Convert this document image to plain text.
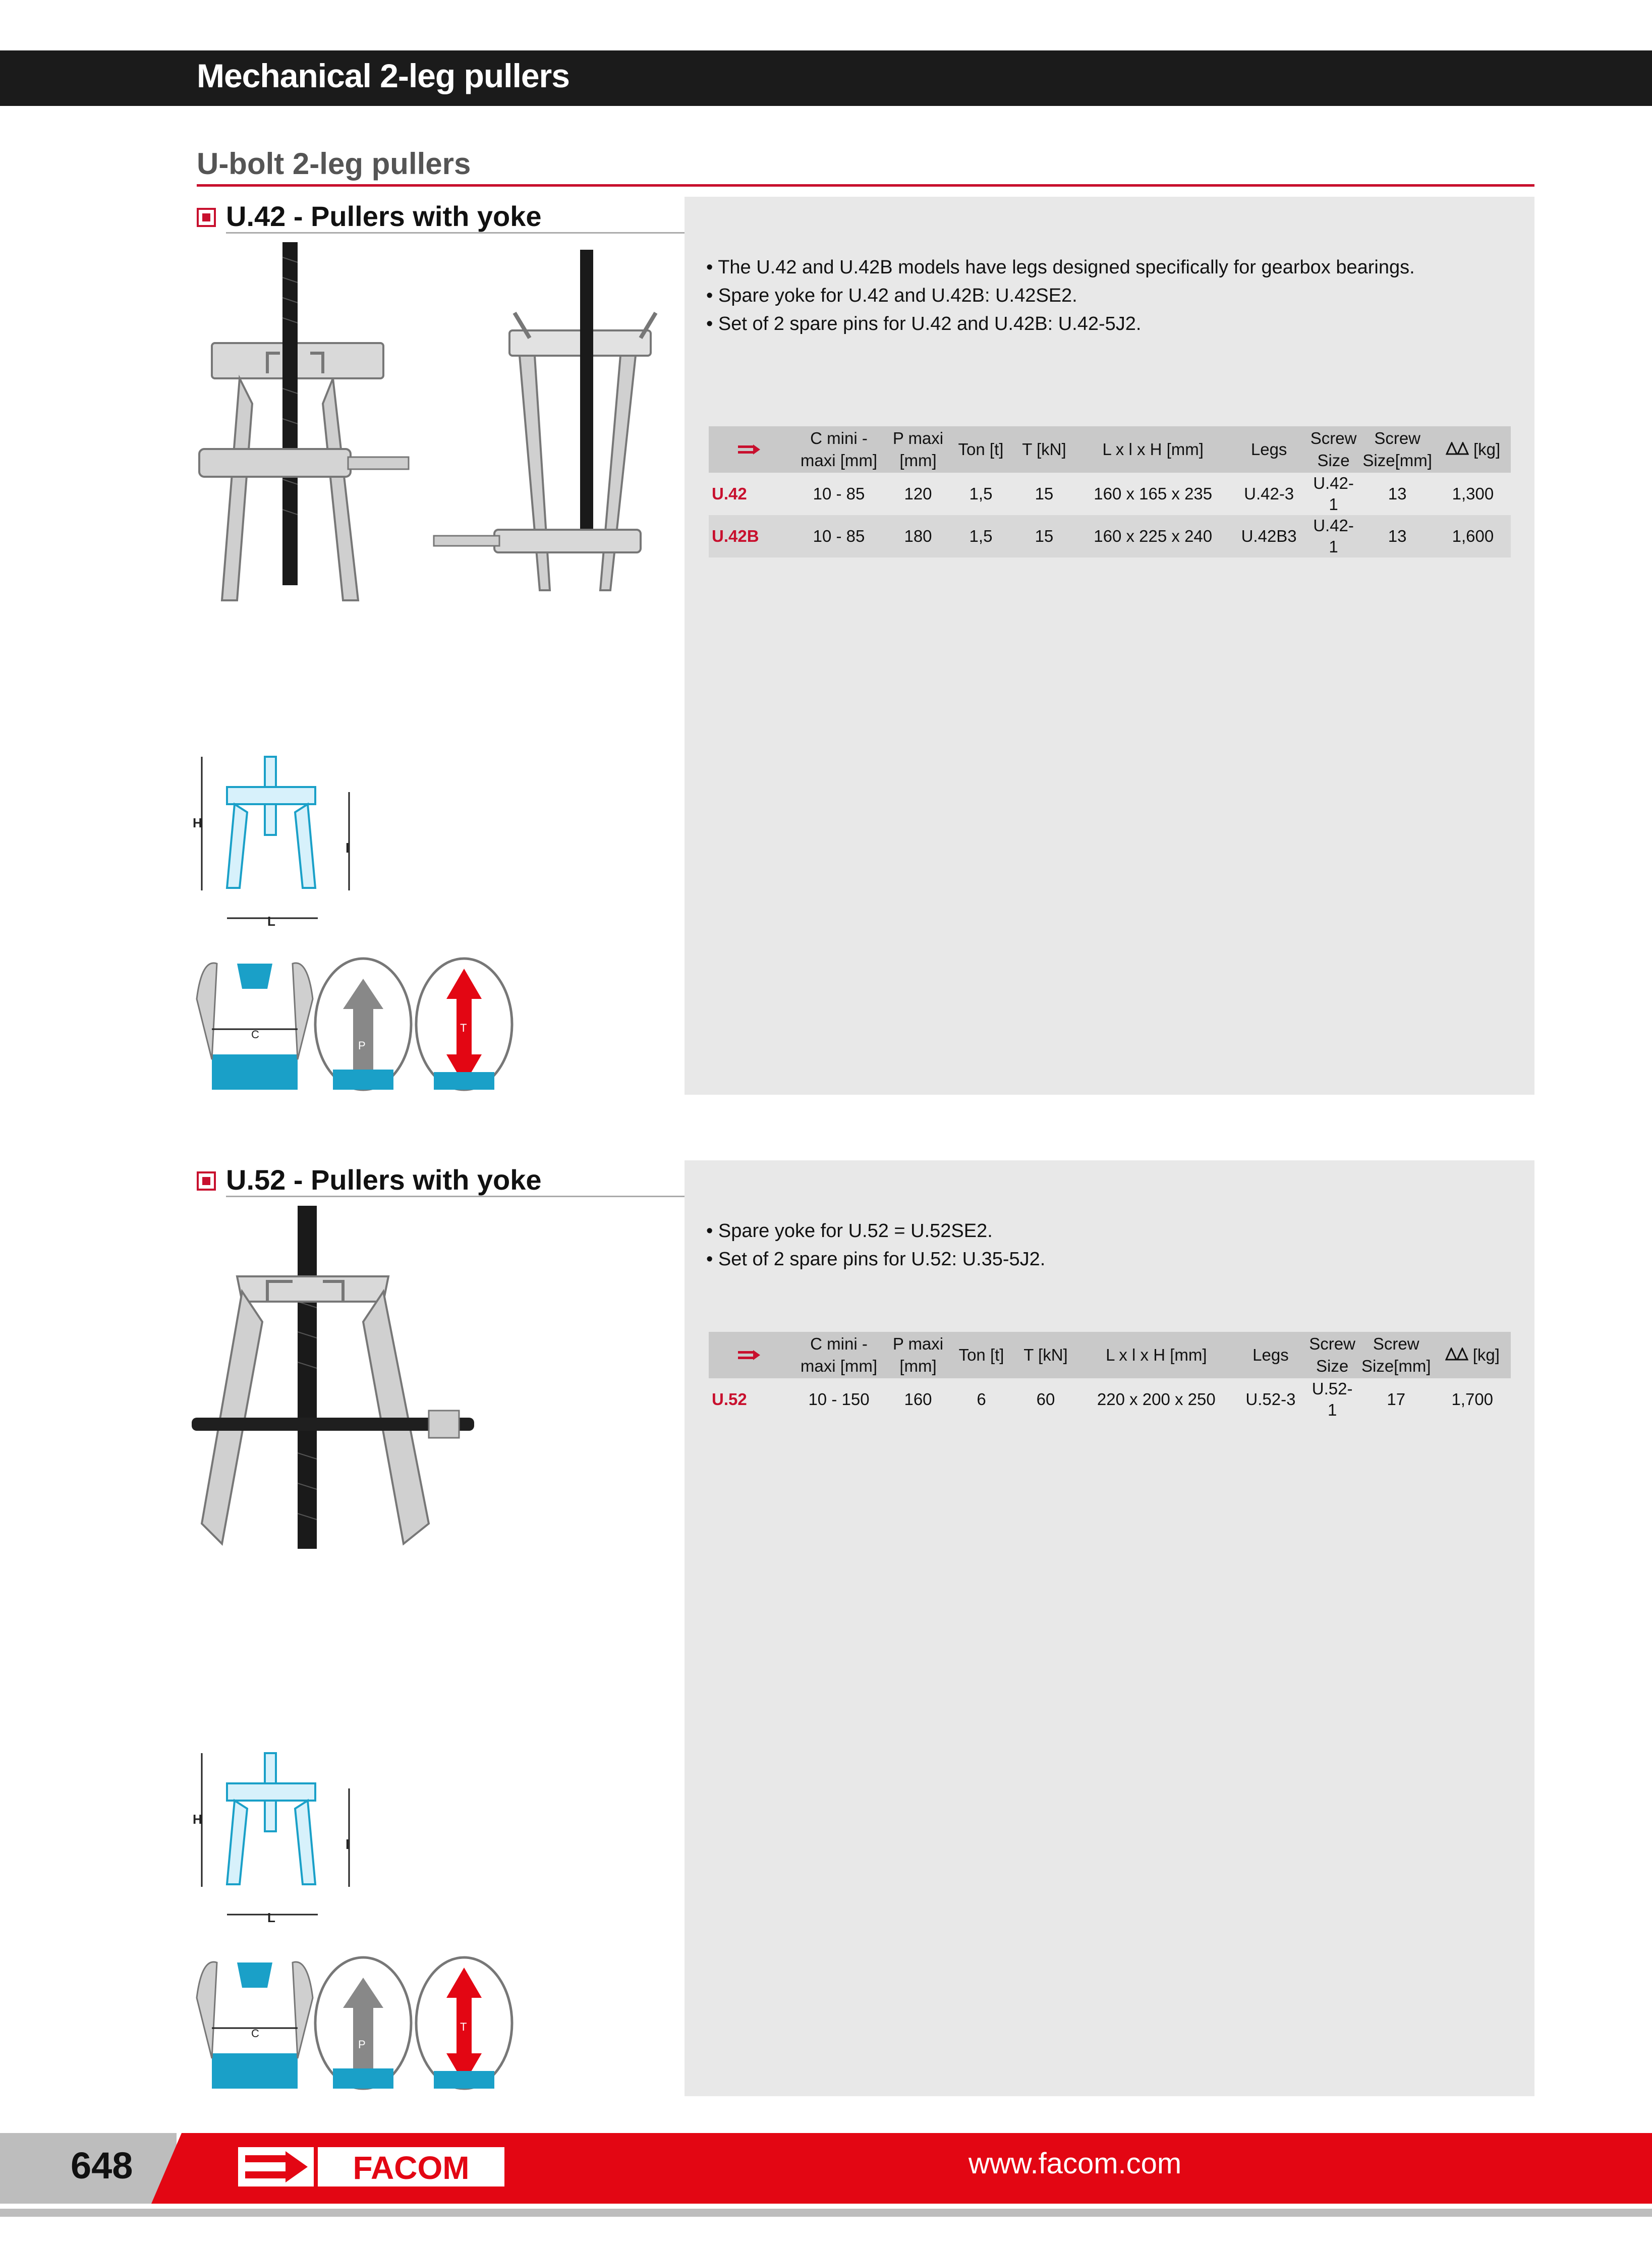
Mechanical 2-leg pullers
U-bolt 2-leg pullers
U.42 - Pullers with yoke
• The U.42 and U.42B models have legs designed specifically for gearbox bearings.
• Spare yoke for U.42 and U.42B: U.42SE2.
• Set of 2 spare pins for U.42 and U.42B: U.42-5J2.
	C mini - maxi [mm]	P maxi [mm]	Ton [t]	T [kN]	L x l x H [mm]	Legs	Screw Size	Screw Size[mm]	[kg]
U.42	10 - 85	120	1,5	15	160 x 165 x 235	U.42-3	U.42-1	13	1,300
U.42B	10 - 85	180	1,5	15	160 x 225 x 240	U.42B3	U.42-1	13	1,600
H
l
L
C
P
T
U.52 - Pullers with yoke
• Spare yoke for U.52 = U.52SE2.
• Set of 2 spare pins for U.52: U.35-5J2.
	C mini - maxi [mm]	P maxi [mm]	Ton [t]	T [kN]	L x l x H [mm]	Legs	Screw Size	Screw Size[mm]	[kg]
U.52	10 - 150	160	6	60	220 x 200 x 250	U.52-3	U.52-1	17	1,700
H
l
L
C
P
T
648	FACOM	www.facom.com
